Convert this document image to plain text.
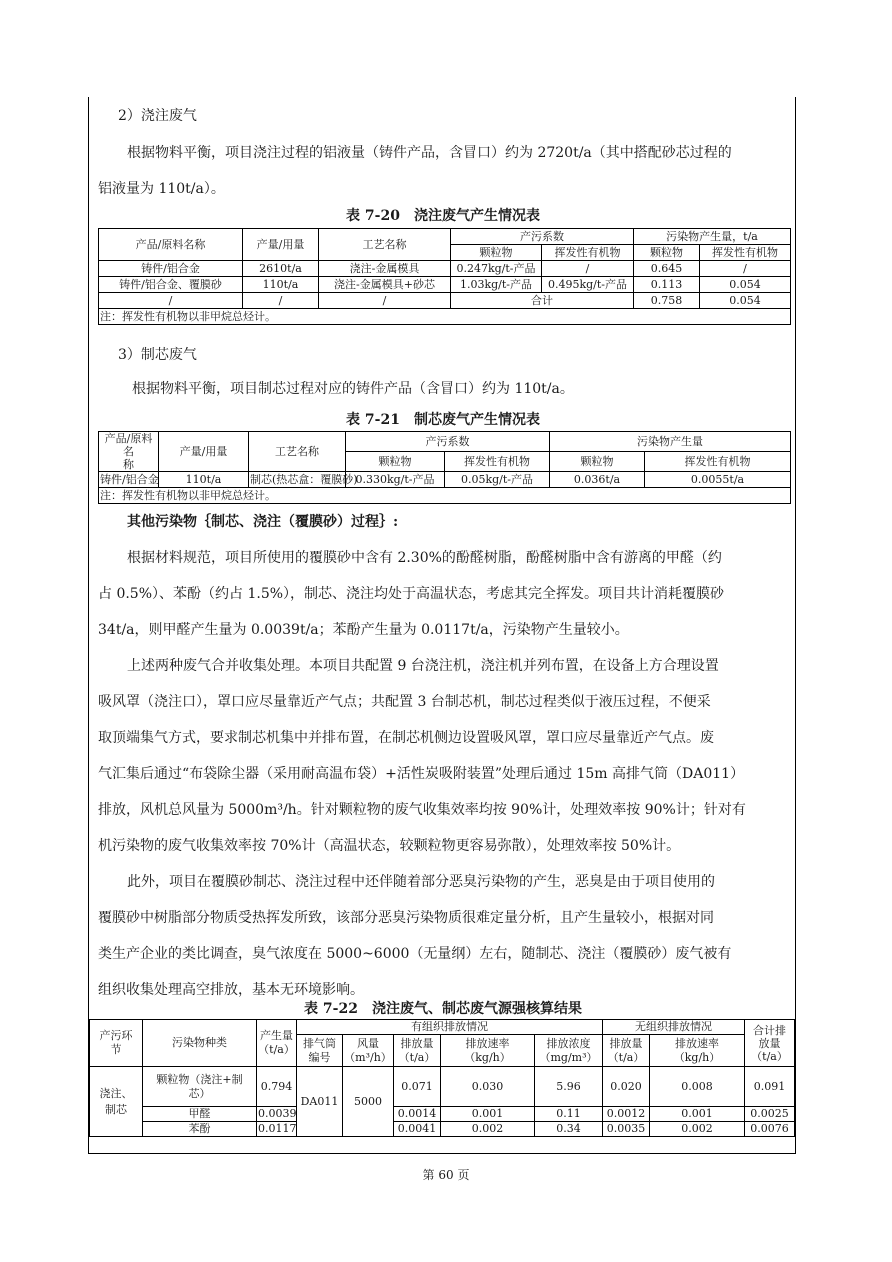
2）浇注废气
根据物料平衡，项目浇注过程的铝液量（铸件产品，含冒口）约为 2720t/a（其中搭配砂芯过程的
铝液量为 110t/a）。
表 7-20　浇注废气产生情况表
产品/原料名称	产量/用量	工艺名称	产污系数		污染物产生量，t/a	
			颗粒物	挥发性有机物	颗粒物	挥发性有机物
铸件/铝合金	2610t/a	浇注-金属模具	0.247kg/t-产品	/	0.645	/
铸件/铝合金、覆膜砂	110t/a	浇注-金属模具+砂芯	1.03kg/t-产品	0.495kg/t-产品	0.113	0.054
/	/	/	合计		0.758	0.054
注：挥发性有机物以非甲烷总烃计。						
3）制芯废气
根据物料平衡，项目制芯过程对应的铸件产品（含冒口）约为 110t/a。
表 7-21　制芯废气产生情况表
产品/原料名
称	产量/用量	工艺名称	产污系数		污染物产生量	
			颗粒物	挥发性有机物	颗粒物	挥发性有机物
铸件/铝合金	110t/a	制芯(热芯盒：覆膜砂)	0.330kg/t-产品	0.05kg/t-产品	0.036t/a	0.0055t/a
注：挥发性有机物以非甲烷总烃计。						
其他污染物｛制芯、浇注（覆膜砂）过程｝:
根据材料规范，项目所使用的覆膜砂中含有 2.30%的酚醛树脂，酚醛树脂中含有游离的甲醛（约
占 0.5%）、苯酚（约占 1.5%），制芯、浇注均处于高温状态，考虑其完全挥发。项目共计消耗覆膜砂
34t/a，则甲醛产生量为 0.0039t/a；苯酚产生量为 0.0117t/a，污染物产生量较小。
上述两种废气合并收集处理。本项目共配置 9 台浇注机，浇注机并列布置，在设备上方合理设置
吸风罩（浇注口），罩口应尽量靠近产气点；共配置 3 台制芯机，制芯过程类似于液压过程，不便采
取顶端集气方式，要求制芯机集中并排布置，在制芯机侧边设置吸风罩，罩口应尽量靠近产气点。废
气汇集后通过“布袋除尘器（采用耐高温布袋）+活性炭吸附装置”处理后通过 15m 高排气筒（DA011）
排放，风机总风量为 5000m³/h。针对颗粒物的废气收集效率均按 90%计，处理效率按 90%计；针对有
机污染物的废气收集效率按 70%计（高温状态，较颗粒物更容易弥散），处理效率按 50%计。
此外，项目在覆膜砂制芯、浇注过程中还伴随着部分恶臭污染物的产生，恶臭是由于项目使用的
覆膜砂中树脂部分物质受热挥发所致，该部分恶臭污染物质很难定量分析，且产生量较小，根据对同
类生产企业的类比调查，臭气浓度在 5000~6000（无量纲）左右，随制芯、浇注（覆膜砂）废气被有
组织收集处理高空排放，基本无环境影响。
表 7-22　浇注废气、制芯废气源强核算结果
产污环
节	污染物种类	产生量
（t/a）	有组织排放情况					无组织排放情况		合计排
放量
（t/a）
			排气筒
编号	风量
（m³/h）	排放量
（t/a）	排放速率
（kg/h）	排放浓度
（mg/m³）	排放量
（t/a）	排放速率
（kg/h）	
浇注、
制芯	颗粒物（浇注+制
芯）	0.794	DA011	5000	0.071	0.030	5.96	0.020	0.008	0.091
	甲醛	0.0039			0.0014	0.001	0.11	0.0012	0.001	0.0025
	苯酚	0.0117			0.0041	0.002	0.34	0.0035	0.002	0.0076
第 60 页
